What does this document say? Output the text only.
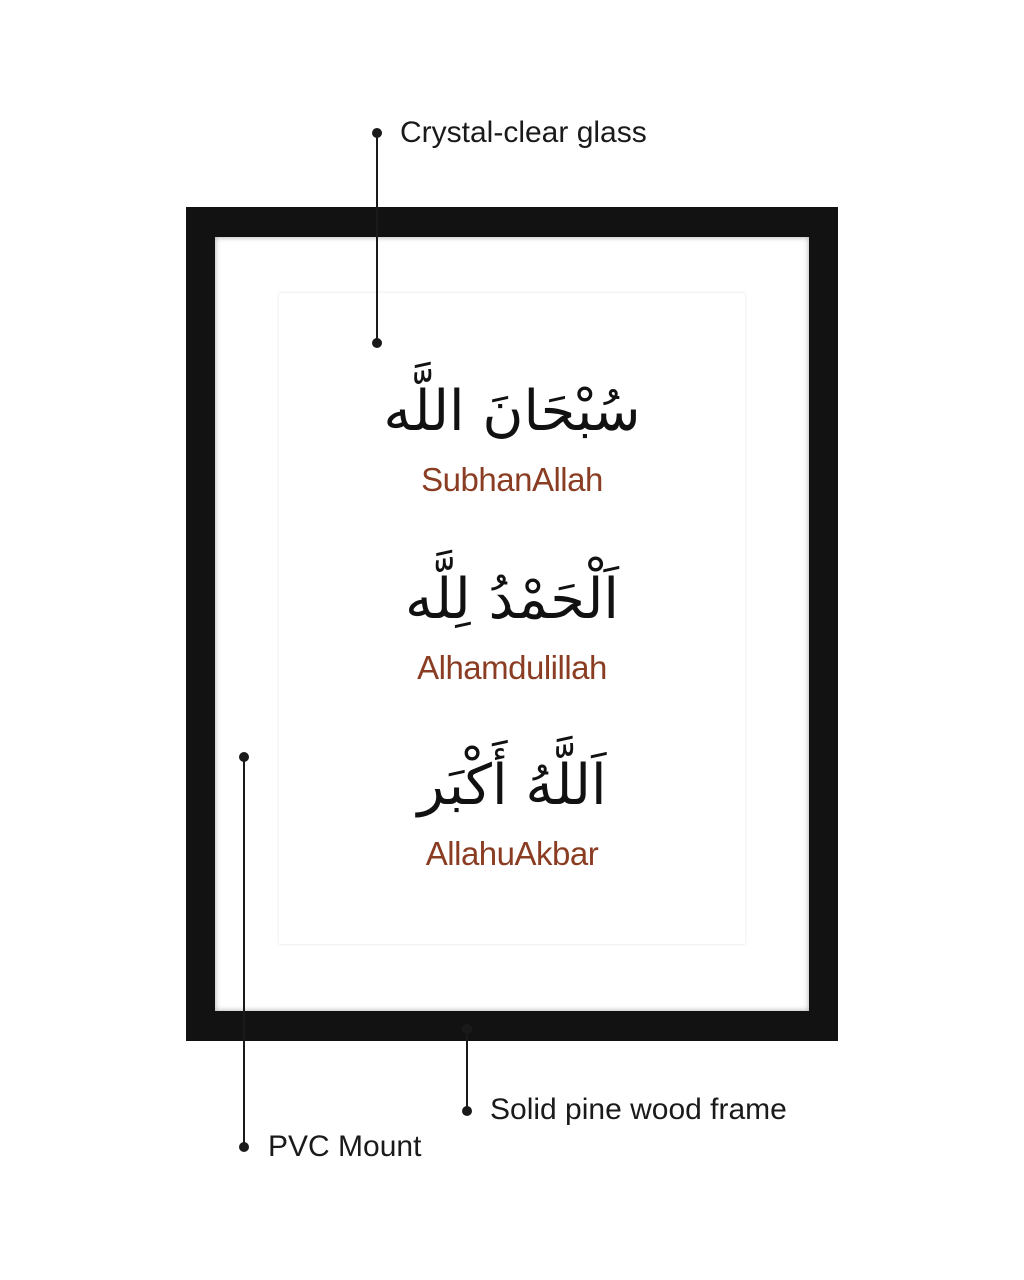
سُبْحَانَ اللَّه
SubhanAllah
اَلْحَمْدُ لِلَّه
Alhamdulillah
اَللَّهُ أَكْبَر
AllahuAkbar
Crystal-clear glass
PVC Mount
Solid pine wood frame
